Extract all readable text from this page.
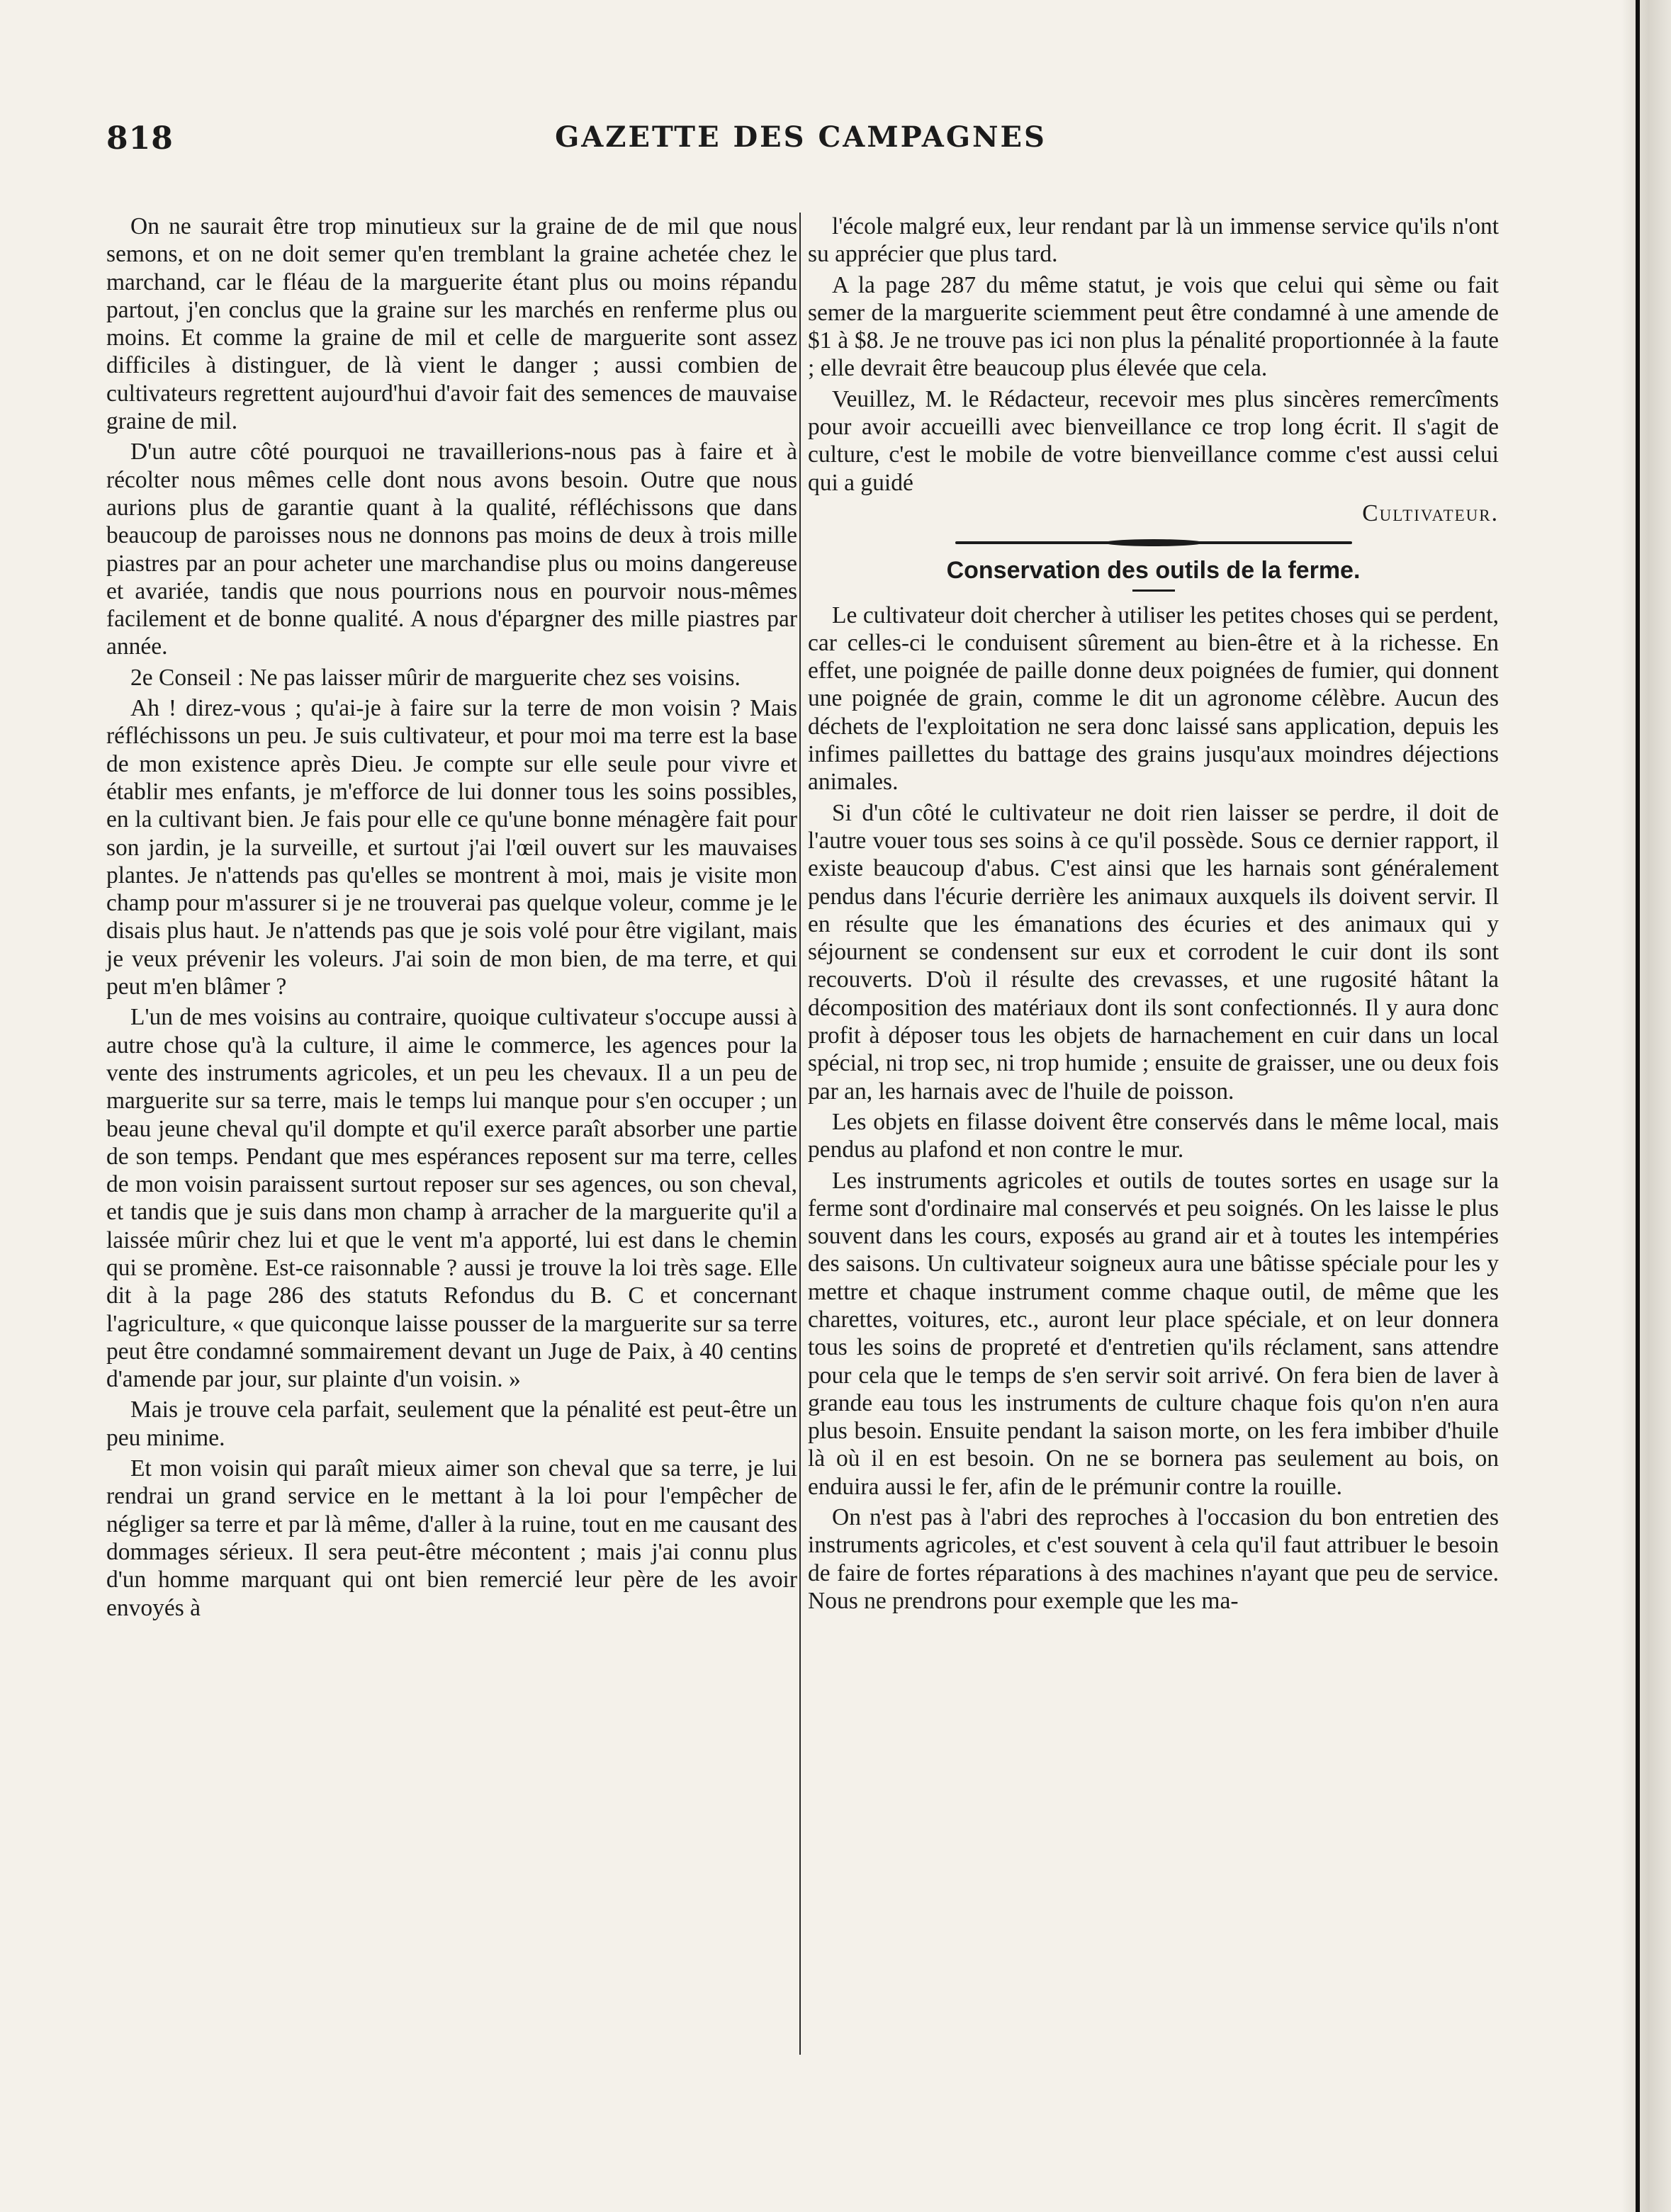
818	GAZETTE DES CAMPAGNES

On ne saurait être trop minutieux sur la graine de de mil que nous semons, et on ne doit semer qu'en tremblant la graine achetée chez le marchand, car le fléau de la marguerite étant plus ou moins répandu partout, j'en conclus que la graine sur les marchés en renferme plus ou moins. Et comme la graine de mil et celle de marguerite sont assez difficiles à distinguer, de là vient le danger ; aussi combien de cultivateurs regrettent aujourd'hui d'avoir fait des semences de mauvaise graine de mil.

D'un autre côté pourquoi ne travaillerions-nous pas à faire et à récolter nous mêmes celle dont nous avons besoin. Outre que nous aurions plus de garantie quant à la qualité, réfléchissons que dans beaucoup de paroisses nous ne donnons pas moins de deux à trois mille piastres par an pour acheter une marchandise plus ou moins dangereuse et avariée, tandis que nous pourrions nous en pourvoir nous-mêmes facilement et de bonne qualité. A nous d'épargner des mille piastres par année.

2e Conseil : Ne pas laisser mûrir de marguerite chez ses voisins.

Ah ! direz-vous ; qu'ai-je à faire sur la terre de mon voisin ? Mais réfléchissons un peu. Je suis cultivateur, et pour moi ma terre est la base de mon existence après Dieu. Je compte sur elle seule pour vivre et établir mes enfants, je m'efforce de lui donner tous les soins possibles, en la cultivant bien. Je fais pour elle ce qu'une bonne ménagère fait pour son jardin, je la surveille, et surtout j'ai l'œil ouvert sur les mauvaises plantes. Je n'attends pas qu'elles se montrent à moi, mais je visite mon champ pour m'assurer si je ne trouverai pas quelque voleur, comme je le disais plus haut. Je n'attends pas que je sois volé pour être vigilant, mais je veux prévenir les voleurs. J'ai soin de mon bien, de ma terre, et qui peut m'en blâmer ?

L'un de mes voisins au contraire, quoique cultivateur s'occupe aussi à autre chose qu'à la culture, il aime le commerce, les agences pour la vente des instruments agricoles, et un peu les chevaux. Il a un peu de marguerite sur sa terre, mais le temps lui manque pour s'en occuper ; un beau jeune cheval qu'il dompte et qu'il exerce paraît absorber une partie de son temps. Pendant que mes espérances reposent sur ma terre, celles de mon voisin paraissent surtout reposer sur ses agences, ou son cheval, et tandis que je suis dans mon champ à arracher de la marguerite qu'il a laissée mûrir chez lui et que le vent m'a apporté, lui est dans le chemin qui se promène. Est-ce raisonnable ? aussi je trouve la loi très sage. Elle dit à la page 286 des statuts Refondus du B. C et concernant l'agriculture, « que quiconque laisse pousser de la marguerite sur sa terre peut être condamné sommairement devant un Juge de Paix, à 40 centins d'amende par jour, sur plainte d'un voisin. »

Mais je trouve cela parfait, seulement que la pénalité est peut-être un peu minime.

Et mon voisin qui paraît mieux aimer son cheval que sa terre, je lui rendrai un grand service en le mettant à la loi pour l'empêcher de négliger sa terre et par là même, d'aller à la ruine, tout en me causant des dommages sérieux. Il sera peut-être mécontent ; mais j'ai connu plus d'un homme marquant qui ont bien remercié leur père de les avoir envoyés à

l'école malgré eux, leur rendant par là un immense service qu'ils n'ont su apprécier que plus tard.

A la page 287 du même statut, je vois que celui qui sème ou fait semer de la marguerite sciemment peut être condamné à une amende de $1 à $8. Je ne trouve pas ici non plus la pénalité proportionnée à la faute ; elle devrait être beaucoup plus élevée que cela.

Veuillez, M. le Rédacteur, recevoir mes plus sincères remercîments pour avoir accueilli avec bienveillance ce trop long écrit. Il s'agit de culture, c'est le mobile de votre bienveillance comme c'est aussi celui qui a guidé

Cultivateur.

Conservation des outils de la ferme.

Le cultivateur doit chercher à utiliser les petites choses qui se perdent, car celles-ci le conduisent sûrement au bien-être et à la richesse. En effet, une poignée de paille donne deux poignées de fumier, qui donnent une poignée de grain, comme le dit un agronome célèbre. Aucun des déchets de l'exploitation ne sera donc laissé sans application, depuis les infimes paillettes du battage des grains jusqu'aux moindres déjections animales.

Si d'un côté le cultivateur ne doit rien laisser se perdre, il doit de l'autre vouer tous ses soins à ce qu'il possède. Sous ce dernier rapport, il existe beaucoup d'abus. C'est ainsi que les harnais sont généralement pendus dans l'écurie derrière les animaux auxquels ils doivent servir. Il en résulte que les émanations des écuries et des animaux qui y séjournent se condensent sur eux et corrodent le cuir dont ils sont recouverts. D'où il résulte des crevasses, et une rugosité hâtant la décomposition des matériaux dont ils sont confectionnés. Il y aura donc profit à déposer tous les objets de harnachement en cuir dans un local spécial, ni trop sec, ni trop humide ; ensuite de graisser, une ou deux fois par an, les harnais avec de l'huile de poisson.

Les objets en filasse doivent être conservés dans le même local, mais pendus au plafond et non contre le mur.

Les instruments agricoles et outils de toutes sortes en usage sur la ferme sont d'ordinaire mal conservés et peu soignés. On les laisse le plus souvent dans les cours, exposés au grand air et à toutes les intempéries des saisons. Un cultivateur soigneux aura une bâtisse spéciale pour les y mettre et chaque instrument comme chaque outil, de même que les charettes, voitures, etc., auront leur place spéciale, et on leur donnera tous les soins de propreté et d'entretien qu'ils réclament, sans attendre pour cela que le temps de s'en servir soit arrivé. On fera bien de laver à grande eau tous les instruments de culture chaque fois qu'on n'en aura plus besoin. Ensuite pendant la saison morte, on les fera imbiber d'huile là où il en est besoin. On ne se bornera pas seulement au bois, on enduira aussi le fer, afin de le prémunir contre la rouille.

On n'est pas à l'abri des reproches à l'occasion du bon entretien des instruments agricoles, et c'est souvent à cela qu'il faut attribuer le besoin de faire de fortes réparations à des machines n'ayant que peu de service. Nous ne prendrons pour exemple que les ma-
